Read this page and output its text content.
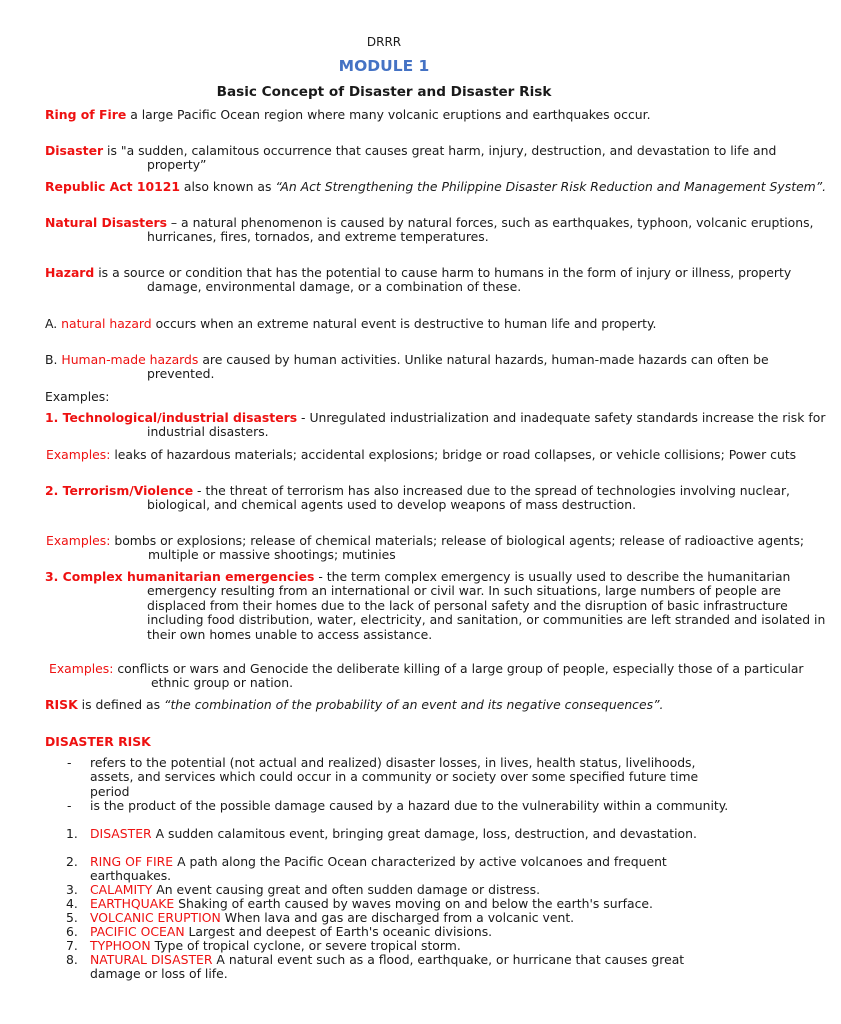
DRRR
MODULE 1
Basic Concept of Disaster and Disaster Risk
Ring of Fire a large Pacific Ocean region where many volcanic eruptions and earthquakes occur.
Disaster is "a sudden, calamitous occurrence that causes great harm, injury, destruction, and devastation to life and property”
Republic Act 10121 also known as “An Act Strengthening the Philippine Disaster Risk Reduction and Management System”.
Natural Disasters – a natural phenomenon is caused by natural forces, such as earthquakes, typhoon, volcanic eruptions, hurricanes, fires, tornados, and extreme temperatures.
Hazard is a source or condition that has the potential to cause harm to humans in the form of injury or illness, property damage, environmental damage, or a combination of these.
A. natural hazard occurs when an extreme natural event is destructive to human life and property.
B. Human-made hazards are caused by human activities. Unlike natural hazards, human-made hazards can often be prevented.
Examples:
1. Technological/industrial disasters - Unregulated industrialization and inadequate safety standards increase the risk for industrial disasters.
Examples: leaks of hazardous materials; accidental explosions; bridge or road collapses, or vehicle collisions; Power cuts
2. Terrorism/Violence - the threat of terrorism has also increased due to the spread of technologies involving nuclear, biological, and chemical agents used to develop weapons of mass destruction.
Examples: bombs or explosions; release of chemical materials; release of biological agents; release of radioactive agents; multiple or massive shootings; mutinies
3. Complex humanitarian emergencies - the term complex emergency is usually used to describe the humanitarian emergency resulting from an international or civil war. In such situations, large numbers of people are displaced from their homes due to the lack of personal safety and the disruption of basic infrastructure including food distribution, water, electricity, and sanitation, or communities are left stranded and isolated in their own homes unable to access assistance.
Examples: conflicts or wars and Genocide the deliberate killing of a large group of people, especially those of a particular ethnic group or nation.
RISK is defined as “the combination of the probability of an event and its negative consequences”.
DISASTER RISK
- refers to the potential (not actual and realized) disaster losses, in lives, health status, livelihoods, assets, and services which could occur in a community or society over some specified future time period
- is the product of the possible damage caused by a hazard due to the vulnerability within a community.
1. DISASTER A sudden calamitous event, bringing great damage, loss, destruction, and devastation.
2. RING OF FIRE A path along the Pacific Ocean characterized by active volcanoes and frequent earthquakes.
3. CALAMITY An event causing great and often sudden damage or distress.
4. EARTHQUAKE Shaking of earth caused by waves moving on and below the earth's surface.
5. VOLCANIC ERUPTION When lava and gas are discharged from a volcanic vent.
6. PACIFIC OCEAN Largest and deepest of Earth's oceanic divisions.
7. TYPHOON Type of tropical cyclone, or severe tropical storm.
8. NATURAL DISASTER A natural event such as a flood, earthquake, or hurricane that causes great damage or loss of life.
